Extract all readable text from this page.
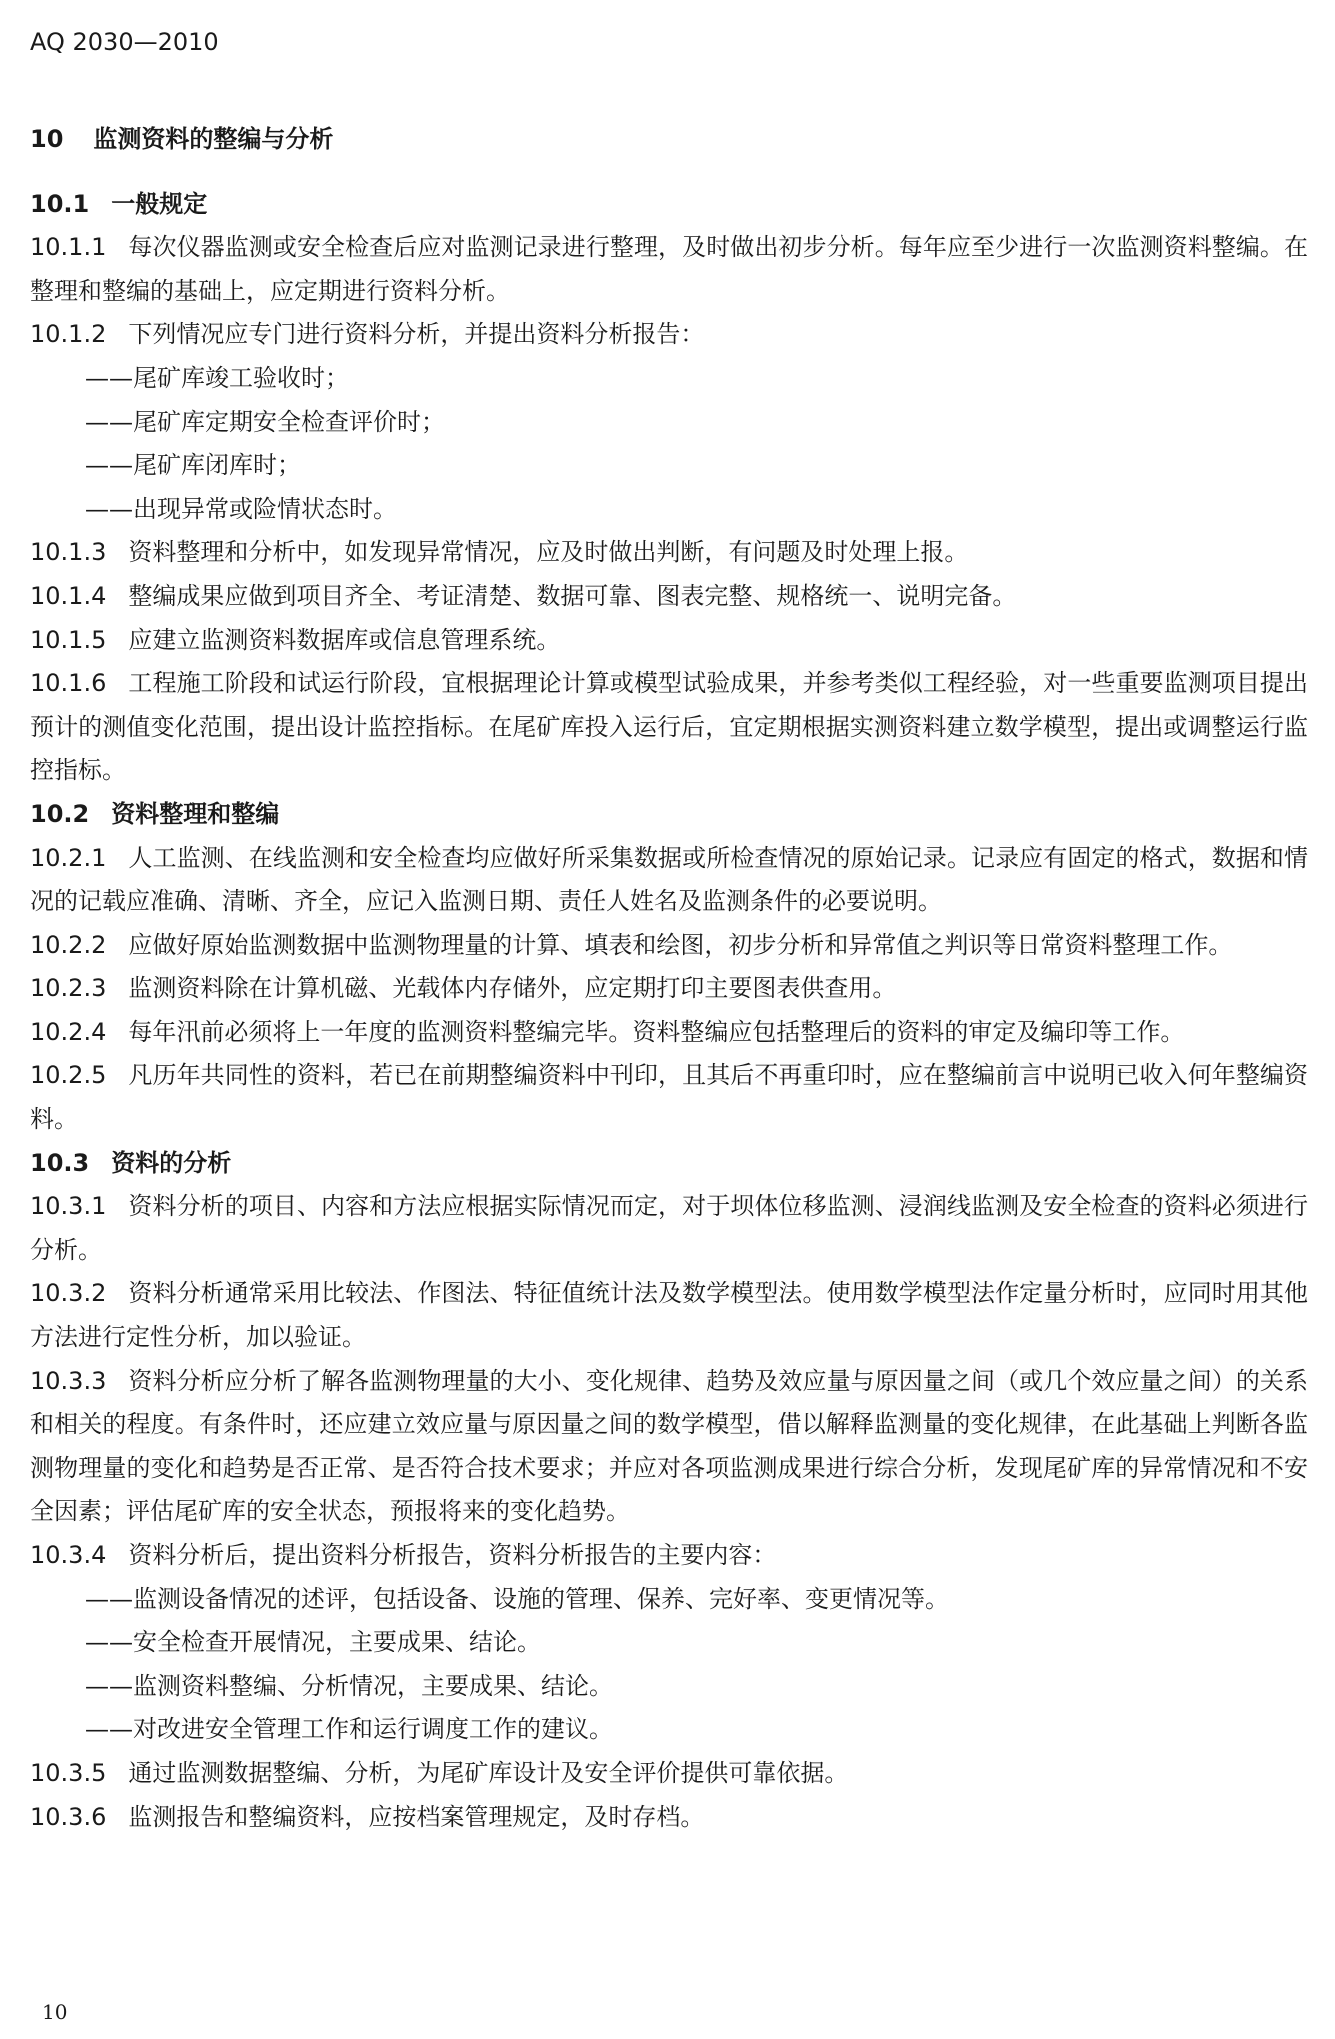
AQ 2030—2010

10 监测资料的整编与分析

10.1 一般规定

10.1.1 每次仪器监测或安全检查后应对监测记录进行整理，及时做出初步分析。每年应至少进行一次监测资料整编。在整理和整编的基础上，应定期进行资料分析。

10.1.2 下列情况应专门进行资料分析，并提出资料分析报告：

——尾矿库竣工验收时；

——尾矿库定期安全检查评价时；

——尾矿库闭库时；

——出现异常或险情状态时。

10.1.3 资料整理和分析中，如发现异常情况，应及时做出判断，有问题及时处理上报。

10.1.4 整编成果应做到项目齐全、考证清楚、数据可靠、图表完整、规格统一、说明完备。

10.1.5 应建立监测资料数据库或信息管理系统。

10.1.6 工程施工阶段和试运行阶段，宜根据理论计算或模型试验成果，并参考类似工程经验，对一些重要监测项目提出预计的测值变化范围，提出设计监控指标。在尾矿库投入运行后，宜定期根据实测资料建立数学模型，提出或调整运行监控指标。

10.2 资料整理和整编

10.2.1 人工监测、在线监测和安全检查均应做好所采集数据或所检查情况的原始记录。记录应有固定的格式，数据和情况的记载应准确、清晰、齐全，应记入监测日期、责任人姓名及监测条件的必要说明。

10.2.2 应做好原始监测数据中监测物理量的计算、填表和绘图，初步分析和异常值之判识等日常资料整理工作。

10.2.3 监测资料除在计算机磁、光载体内存储外，应定期打印主要图表供查用。

10.2.4 每年汛前必须将上一年度的监测资料整编完毕。资料整编应包括整理后的资料的审定及编印等工作。

10.2.5 凡历年共同性的资料，若已在前期整编资料中刊印，且其后不再重印时，应在整编前言中说明已收入何年整编资料。

10.3 资料的分析

10.3.1 资料分析的项目、内容和方法应根据实际情况而定，对于坝体位移监测、浸润线监测及安全检查的资料必须进行分析。

10.3.2 资料分析通常采用比较法、作图法、特征值统计法及数学模型法。使用数学模型法作定量分析时，应同时用其他方法进行定性分析，加以验证。

10.3.3 资料分析应分析了解各监测物理量的大小、变化规律、趋势及效应量与原因量之间（或几个效应量之间）的关系和相关的程度。有条件时，还应建立效应量与原因量之间的数学模型，借以解释监测量的变化规律，在此基础上判断各监测物理量的变化和趋势是否正常、是否符合技术要求；并应对各项监测成果进行综合分析，发现尾矿库的异常情况和不安全因素；评估尾矿库的安全状态，预报将来的变化趋势。

10.3.4 资料分析后，提出资料分析报告，资料分析报告的主要内容：

——监测设备情况的述评，包括设备、设施的管理、保养、完好率、变更情况等。

——安全检查开展情况，主要成果、结论。

——监测资料整编、分析情况，主要成果、结论。

——对改进安全管理工作和运行调度工作的建议。

10.3.5 通过监测数据整编、分析，为尾矿库设计及安全评价提供可靠依据。

10.3.6 监测报告和整编资料，应按档案管理规定，及时存档。

10
